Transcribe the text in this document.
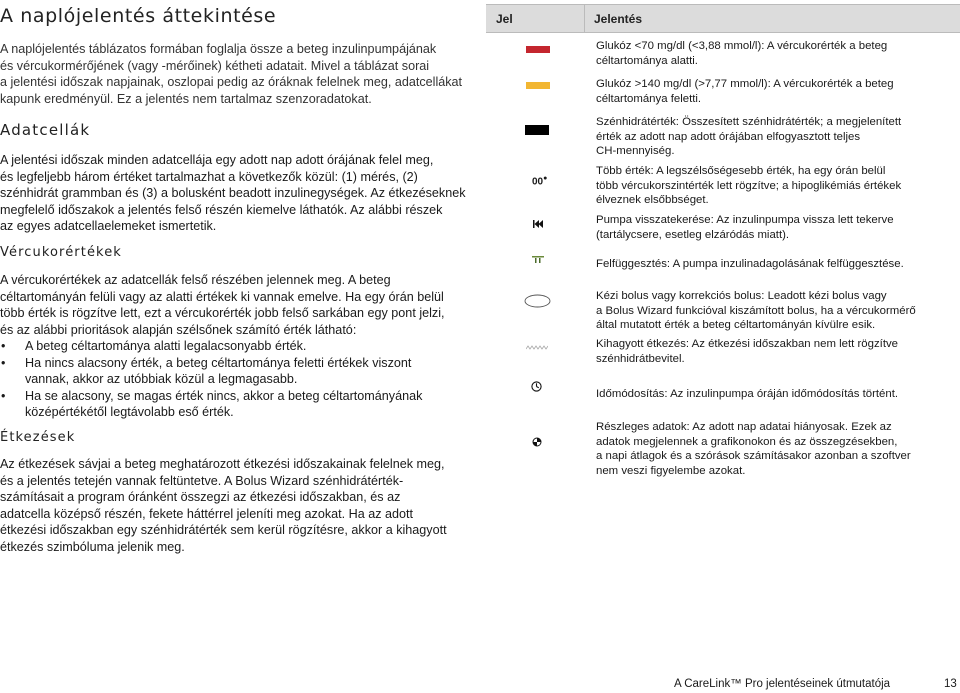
A naplójelentés áttekintése
A naplójelentés táblázatos formában foglalja össze a beteg inzulinpumpájának
és vércukormérőjének (vagy -mérőinek) kétheti adatait. Mivel a táblázat sorai
a jelentési időszak napjainak, oszlopai pedig az óráknak felelnek meg, adatcellákat
kapunk eredményül. Ez a jelentés nem tartalmaz szenzoradatokat.
Adatcellák
A jelentési időszak minden adatcellája egy adott nap adott órájának felel meg,
és legfeljebb három értéket tartalmazhat a következők közül: (1) mérés, (2)
szénhidrát grammban és (3) a bolusként beadott inzulinegységek. Az étkezéseknek
megfelelő időszakok a jelentés felső részén kiemelve láthatók. Az alábbi részek
az egyes adatcellaelemeket ismertetik.
Vércukorértékek
A vércukorértékek az adatcellák felső részében jelennek meg. A beteg
céltartományán felüli vagy az alatti értékek ki vannak emelve. Ha egy órán belül
több érték is rögzítve lett, ezt a vércukorérték jobb felső sarkában egy pont jelzi,
és az alábbi prioritások alapján szélsőnek számító érték látható:
• A beteg céltartománya alatti legalacsonyabb érték.
• Ha nincs alacsony érték, a beteg céltartománya feletti értékek viszont
vannak, akkor az utóbbiak közül a legmagasabb.
• Ha se alacsony, se magas érték nincs, akkor a beteg céltartományának
középértékétől legtávolabb eső érték.
Étkezések
Az étkezések sávjai a beteg meghatározott étkezési időszakainak felelnek meg,
és a jelentés tetején vannak feltüntetve. A Bolus Wizard szénhidrátérték-
számításait a program óránként összegzi az étkezési időszakban, és az
adatcella középső részén, fekete háttérrel jeleníti meg azokat. Ha az adott
étkezési időszakban egy szénhidrátérték sem kerül rögzítésre, akkor a kihagyott
étkezés szimbóluma jelenik meg.
Jel	Jelentés
Glukóz <70 mg/dl (<3,88 mmol/l): A vércukorérték a beteg
céltartománya alatti.
Glukóz >140 mg/dl (>7,77 mmol/l): A vércukorérték a beteg
céltartománya feletti.
Szénhidrátérték: Összesített szénhidrátérték; a megjelenített
érték az adott nap adott órájában elfogyasztott teljes
CH-mennyiség.
00●
Több érték: A legszélsőségesebb érték, ha egy órán belül
több vércukorszintérték lett rögzítve; a hipoglikémiás értékek
élveznek elsőbbséget.
Pumpa visszatekerése: Az inzulinpumpa vissza lett tekerve
(tartálycsere, esetleg elzáródás miatt).
Felfüggesztés: A pumpa inzulinadagolásának felfüggesztése.
Kézi bolus vagy korrekciós bolus: Leadott kézi bolus vagy
a Bolus Wizard funkcióval kiszámított bolus, ha a vércukormérő
által mutatott érték a beteg céltartományán kívülre esik.
Kihagyott étkezés: Az étkezési időszakban nem lett rögzítve
szénhidrátbevitel.
Időmódosítás: Az inzulinpumpa óráján időmódosítás történt.
Részleges adatok: Az adott nap adatai hiányosak. Ezek az
adatok megjelennek a grafikonokon és az összegzésekben,
a napi átlagok és a szórások számításakor azonban a szoftver
nem veszi figyelembe azokat.
A CareLink™ Pro jelentéseinek útmutatója	13
